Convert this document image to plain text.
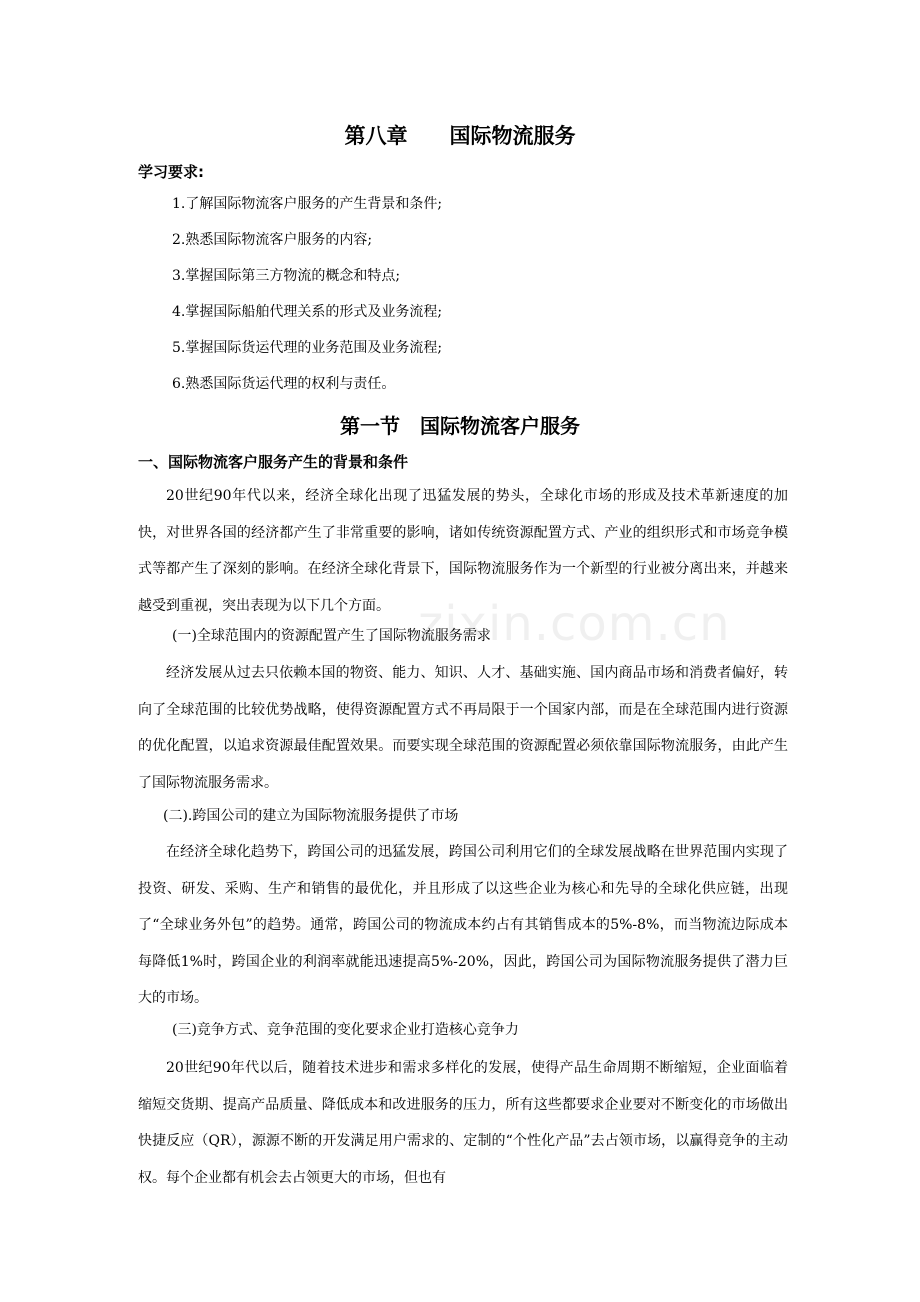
第八章　　国际物流服务
学习要求:
1.了解国际物流客户服务的产生背景和条件;
2.熟悉国际物流客户服务的内容;
3.掌握国际第三方物流的概念和特点;
4.掌握国际船舶代理关系的形式及业务流程;
5.掌握国际货运代理的业务范围及业务流程;
6.熟悉国际货运代理的权利与责任。
第一节　国际物流客户服务
一、国际物流客户服务产生的背景和条件

20世纪90年代以来，经济全球化出现了迅猛发展的势头，全球化市场的形成及技术革新速度的加快，对世界各国的经济都产生了非常重要的影响，诸如传统资源配置方式、产业的组织形式和市场竞争模式等都产生了深刻的影响。在经济全球化背景下，国际物流服务作为一个新型的行业被分离出来，并越来越受到重视，突出表现为以下几个方面。

(一)全球范围内的资源配置产生了国际物流服务需求

经济发展从过去只依赖本国的物资、能力、知识、人才、基础实施、国内商品市场和消费者偏好，转向了全球范围的比较优势战略，使得资源配置方式不再局限于一个国家内部，而是在全球范围内进行资源的优化配置，以追求资源最佳配置效果。而要实现全球范围的资源配置必须依靠国际物流服务，由此产生了国际物流服务需求。

(二).跨国公司的建立为国际物流服务提供了市场

在经济全球化趋势下，跨国公司的迅猛发展，跨国公司利用它们的全球发展战略在世界范围内实现了投资、研发、采购、生产和销售的最优化，并且形成了以这些企业为核心和先导的全球化供应链，出现了“全球业务外包”的趋势。通常，跨国公司的物流成本约占有其销售成本的5%-8%，而当物流边际成本每降低1%时，跨国企业的利润率就能迅速提高5%-20%，因此，跨国公司为国际物流服务提供了潜力巨大的市场。

(三)竞争方式、竞争范围的变化要求企业打造核心竞争力

20世纪90年代以后，随着技术进步和需求多样化的发展，使得产品生命周期不断缩短，企业面临着缩短交货期、提高产品质量、降低成本和改进服务的压力，所有这些都要求企业要对不断变化的市场做出快捷反应（QR），源源不断的开发满足用户需求的、定制的“个性化产品”去占领市场，以赢得竞争的主动权。每个企业都有机会去占领更大的市场，但也有

zixin.com.cn
